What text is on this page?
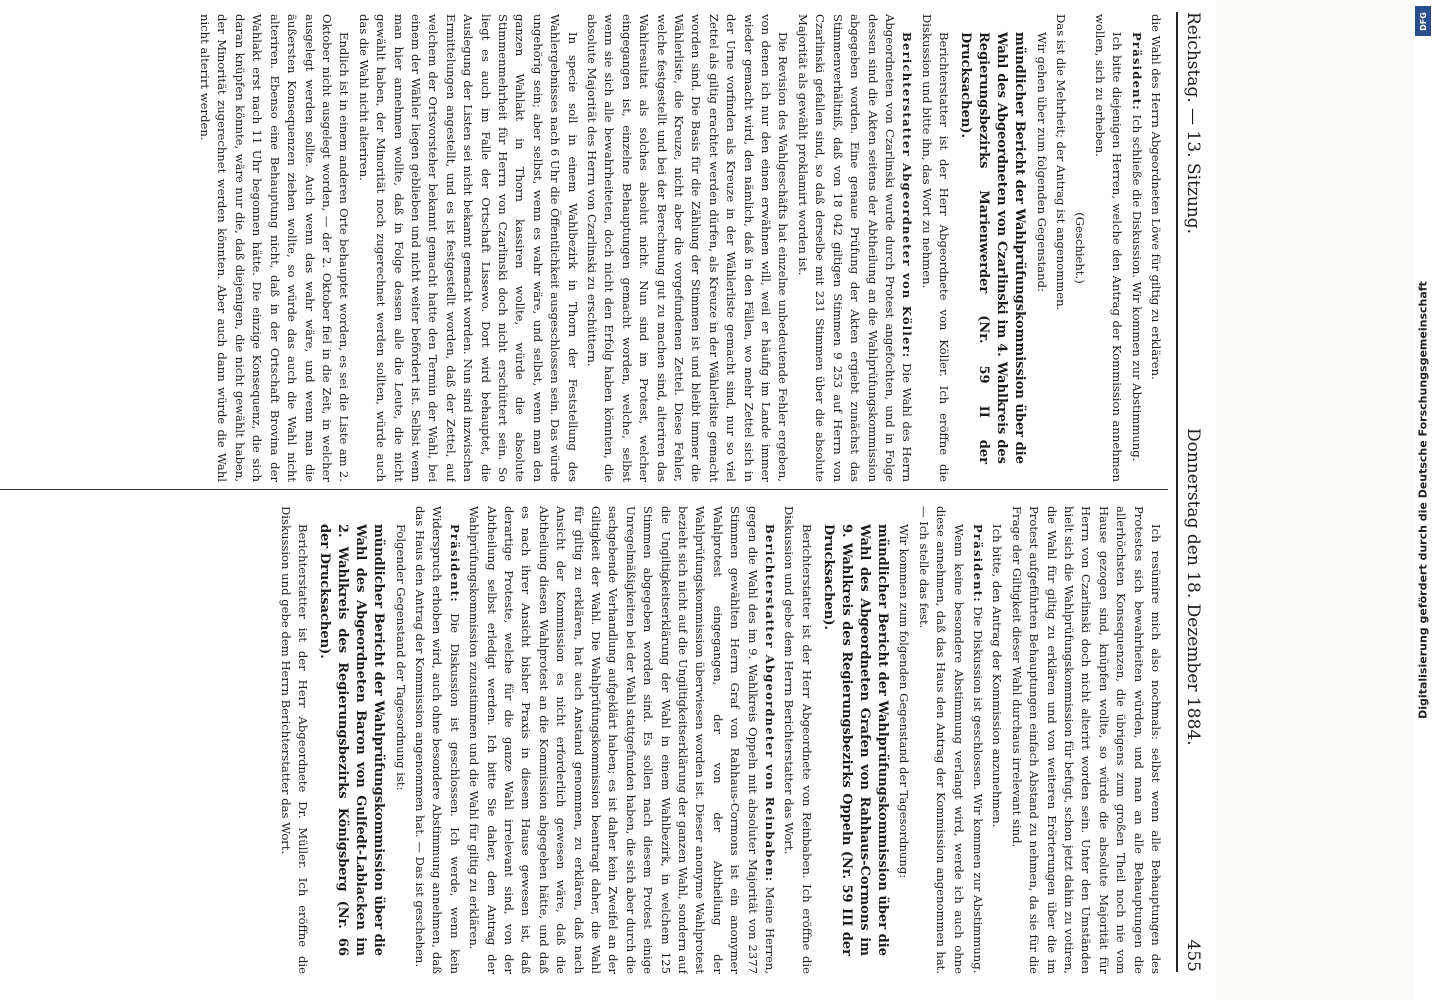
Reichstag. — 13. Sitzung.
Donnerstag den 18. Dezember 1884.
455

die Wahl des Herrn Abgeordneten Löwe für giltig zu erklären.

Präsident: Ich schließe die Diskussion. Wir kommen zur Abstimmung.

Ich bitte diejenigen Herren, welche den Antrag der Kommission annehmen wollen, sich zu erheben.

(Geschieht.)

Das ist die Mehrheit; der Antrag ist angenommen.

Wir gehen über zum folgenden Gegenstand:

mündlicher Bericht der Wahlprüfungskommission über die Wahl des Abgeordneten von Czarlinski im 4. Wahlkreis des Regierungsbezirks Marienwerder (Nr. 59 II der Drucksachen).

Berichterstatter ist der Herr Abgeordnete von Köller. Ich eröffne die Diskussion und bitte ihn, das Wort zu nehmen.

Berichterstatter Abgeordneter von Köller: Die Wahl des Herrn Abgeordneten von Czarlinski wurde durch Protest angefochten, und in Folge dessen sind die Akten seitens der Abtheilung an die Wahlprüfungskommission abgegeben worden. Eine genaue Prüfung der Akten ergiebt zunächst das Stimmenverhältniß, daß von 18 042 giltigen Stimmen 9 253 auf Herrn von Czarlinski gefallen sind, so daß derselbe mit 231 Stimmen über die absolute Majorität als gewählt proklamirt worden ist.

Die Revision des Wahlgeschäfts hat einzelne unbedeutende Fehler ergeben, von denen ich nur den einen erwähnen will, weil er häufig im Lande immer wieder gemacht wird, den nämlich, daß in den Fällen, wo mehr Zettel sich in der Urne vorfinden als Kreuze in der Wählerliste gemacht sind, nur so viel Zettel als giltig erachtet werden dürfen, als Kreuze in der Wählerliste gemacht worden sind. Die Basis für die Zählung der Stimmen ist und bleibt immer die Wählerliste, die Kreuze, nicht aber die vorgefundenen Zettel. Diese Fehler, welche festgestellt und bei der Berechnung gut zu machen sind, alteriren das Wahlresultat als solches absolut nicht. Nun sind im Protest, welcher eingegangen ist, einzelne Behauptungen gemacht worden, welche, selbst wenn sie sich alle bewahrheiteten, doch nicht den Erfolg haben könnten, die absolute Majorität des Herrn von Czarlinski zu erschüttern.

In specie soll in einem Wahlbezirk in Thorn der Feststellung des Wahlergebnisses nach 6 Uhr die Öffentlichkeit ausgeschlossen sein. Das würde ungehörig sein; aber selbst, wenn es wahr wäre, und selbst, wenn man den ganzen Wahlakt in Thorn kassiren wollte, würde die absolute Stimmenmehrheit für Herrn von Czarlinski doch nicht erschüttert sein. So liegt es auch im Falle der Ortschaft Lissewo. Dort wird behauptet, die Auslegung der Listen sei nicht bekannt gemacht worden. Nun sind inzwischen Ermittelungen angestellt, und es ist festgestellt worden, daß der Zettel, auf welchem der Ortsvorsteher bekannt gemacht hatte den Termin der Wahl, bei einem der Wähler liegen geblieben und nicht weiter befördert ist. Selbst wenn man hier annehmen wollte, daß in Folge dessen alle die Leute, die nicht gewählt haben, der Minorität noch zugerechnet werden sollten, würde auch das die Wahl nicht alteriren.

Endlich ist in einem anderen Orte behauptet worden, es sei die Liste am 2. Oktober nicht ausgelegt worden, — der 2. Oktober fiel in die Zeit, in welcher ausgelegt werden sollte. Auch wenn das wahr wäre, und wenn man die äußersten Konsequenzen ziehen wollte, so würde das auch die Wahl nicht alteriren. Ebenso eine Behauptung nicht, daß in der Ortschaft Brovina der Wahlakt erst nach 11 Uhr begonnen hätte. Die einzige Konsequenz, die sich daran knüpfen könnte, wäre nur die, daß diejenigen, die nicht gewählt haben, der Minorität zugerechnet werden könnten. Aber auch dann würde die Wahl nicht alterirt werden.

Ich resümire mich also nochmals: selbst wenn alle Behauptungen des Protestes sich bewahrheiten würden, und man an alle Behauptungen die allerhöchsten Konsequenzen, die übrigens zum großen Theil noch nie vom Hause gezogen sind, knüpfen wollte, so würde die absolute Majorität für Herrn von Czarlinski doch nicht alterirt worden sein. Unter den Umständen hielt sich die Wahlprüfungskommission für befugt, schon jetzt dahin zu votiren, die Wahl für giltig zu erklären und von weiteren Erörterungen über die im Protest aufgeführten Behauptungen einfach Abstand zu nehmen, da sie für die Frage der Giltigkeit dieser Wahl durchaus irrelevant sind.

Ich bitte, den Antrag der Kommission anzunehmen.

Präsident: Die Diskussion ist geschlossen. Wir kommen zur Abstimmung.

Wenn keine besondere Abstimmung verlangt wird, werde ich auch ohne diese annehmen, daß das Haus den Antrag der Kommission angenommen hat. — Ich stelle das fest.

Wir kommen zum folgenden Gegenstand der Tagesordnung:

mündlicher Bericht der Wahlprüfungskommission über die Wahl des Abgeordneten Grafen von Rahhaus-Cormons im 9. Wahlkreis des Regierungsbezirks Oppeln (Nr. 59 III der Drucksachen).

Berichterstatter ist der Herr Abgeordnete von Reinbaben. Ich eröffne die Diskussion und gebe dem Herrn Berichterstatter das Wort.

Berichterstatter Abgeordneter von Reinbaben: Meine Herren, gegen die Wahl des im 9. Wahlkreis Oppeln mit absoluter Majorität von 2377 Stimmen gewählten Herrn Graf von Rahhaus-Cormons ist ein anonymer Wahlprotest eingegangen, der von der Abtheilung der Wahlprüfungskommission überwiesen worden ist. Dieser anonyme Wahlprotest bezieht sich nicht auf die Ungiltigkeitserklärung der ganzen Wahl, sondern auf die Ungiltigkeitserklärung der Wahl in einem Wahlbezirk, in welchem 125 Stimmen abgegeben worden sind. Es sollen nach diesem Protest einige Unregelmäßigkeiten bei der Wahl stattgefunden haben, die sich aber durch die sachgebende Verhandlung aufgeklärt haben; es ist daher kein Zweifel an der Giltigkeit der Wahl. Die Wahlprüfungskommission beantragt daher, die Wahl für giltig zu erklären, hat auch Anstand genommen, zu erklären, daß nach Ansicht der Kommission es nicht erforderlich gewesen wäre, daß die Abtheilung diesen Wahlprotest an die Kommission abgegeben hätte, und daß es nach ihrer Ansicht bisher Praxis in diesem Hause gewesen ist, daß derartige Proteste, welche für die ganze Wahl irrelevant sind, von der Abtheilung selbst erledigt werden. Ich bitte Sie daher, dem Antrag der Wahlprüfungskommission zuzustimmen und die Wahl für giltig zu erklären.

Präsident: Die Diskussion ist geschlossen. Ich werde, wenn kein Widerspruch erhoben wird, auch ohne besondere Abstimmung annehmen, daß das Haus den Antrag der Kommission angenommen hat. — Das ist geschehen.

Folgender Gegenstand der Tagesordnung ist:

mündlicher Bericht der Wahlprüfungskommission über die Wahl des Abgeordneten Baron von Gulfedt-Lablacken im 2. Wahlkreis des Regierungsbezirks Königsberg (Nr. 66 der Drucksachen).

Berichterstatter ist der Herr Abgeordnete Dr. Müller. Ich eröffne die Diskussion und gebe dem Herrn Berichterstatter das Wort.

DFG
Digitalisierung gefördert durch die Deutsche Forschungsgemeinschaft
